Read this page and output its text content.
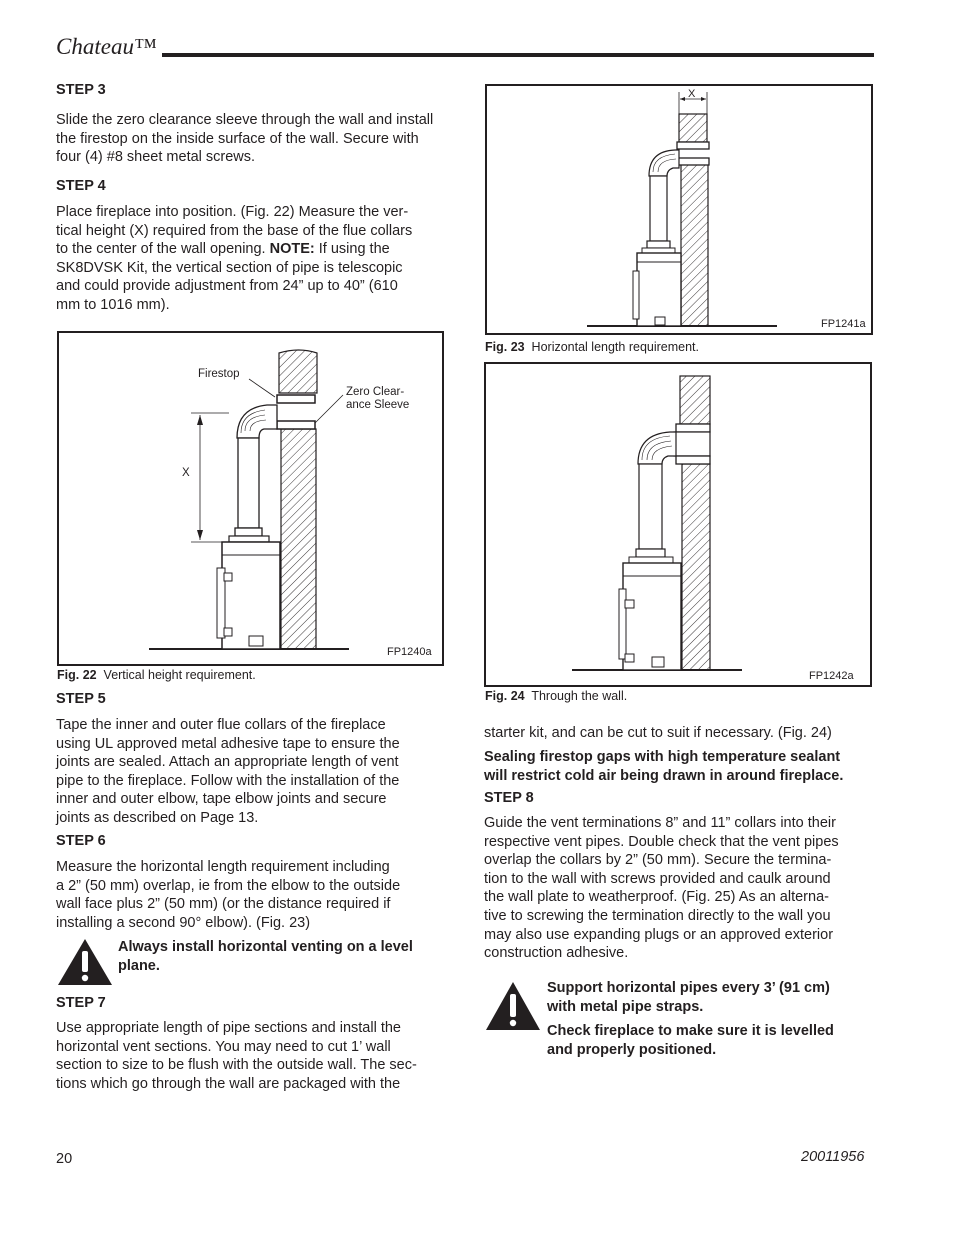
Chateau™
STEP 3
Slide the zero clearance sleeve through the wall and install the firestop on the inside surface of the wall. Secure with four (4) #8 sheet metal screws.
STEP 4
Place fireplace into position. (Fig. 22) Measure the ver-
tical height (X) required from the base of the flue collars
to the center of the wall opening. NOTE: If using the
SK8DVSK Kit, the vertical section of pipe is telescopic
and could provide adjustment from 24” up to 40” (610
mm to 1016 mm).
X
Firestop
Zero Clear-
ance Sleeve
FP1240a
Fig. 22 Vertical height requirement.
STEP 5
Tape the inner and outer flue collars of the fireplace
using UL approved metal adhesive tape to ensure the
joints are sealed. Attach an appropriate length of vent
pipe to the fireplace. Follow with the installation of the
inner and outer elbow, tape elbow joints and secure
joints as described on Page 13.
STEP 6
Measure the horizontal length requirement including
a 2” (50 mm) overlap, ie from the elbow to the outside
wall face plus 2” (50 mm) (or the distance required if
installing a second 90° elbow). (Fig. 23)
Always install horizontal venting on a level
plane.
STEP 7
Use appropriate length of pipe sections and install the
horizontal vent sections. You may need to cut 1’ wall
section to size to be flush with the outside wall. The sec-
tions which go through the wall are packaged with the
X
FP1241a
Fig. 23 Horizontal length requirement.
FP1242a
Fig. 24 Through the wall.
starter kit, and can be cut to suit if necessary. (Fig. 24)
Sealing firestop gaps with high temperature sealant
will restrict cold air being drawn in around fireplace.
STEP 8
Guide the vent terminations 8” and 11” collars into their
respective vent pipes. Double check that the vent pipes
overlap the collars by 2” (50 mm). Secure the termina-
tion to the wall with screws provided and caulk around
the wall plate to weatherproof. (Fig. 25) As an alterna-
tive to screwing the termination directly to the wall you
may also use expanding plugs or an approved exterior
construction adhesive.
Support horizontal pipes every 3’ (91 cm)
with metal pipe straps.
Check fireplace to make sure it is levelled
and properly positioned.
20	20011956
